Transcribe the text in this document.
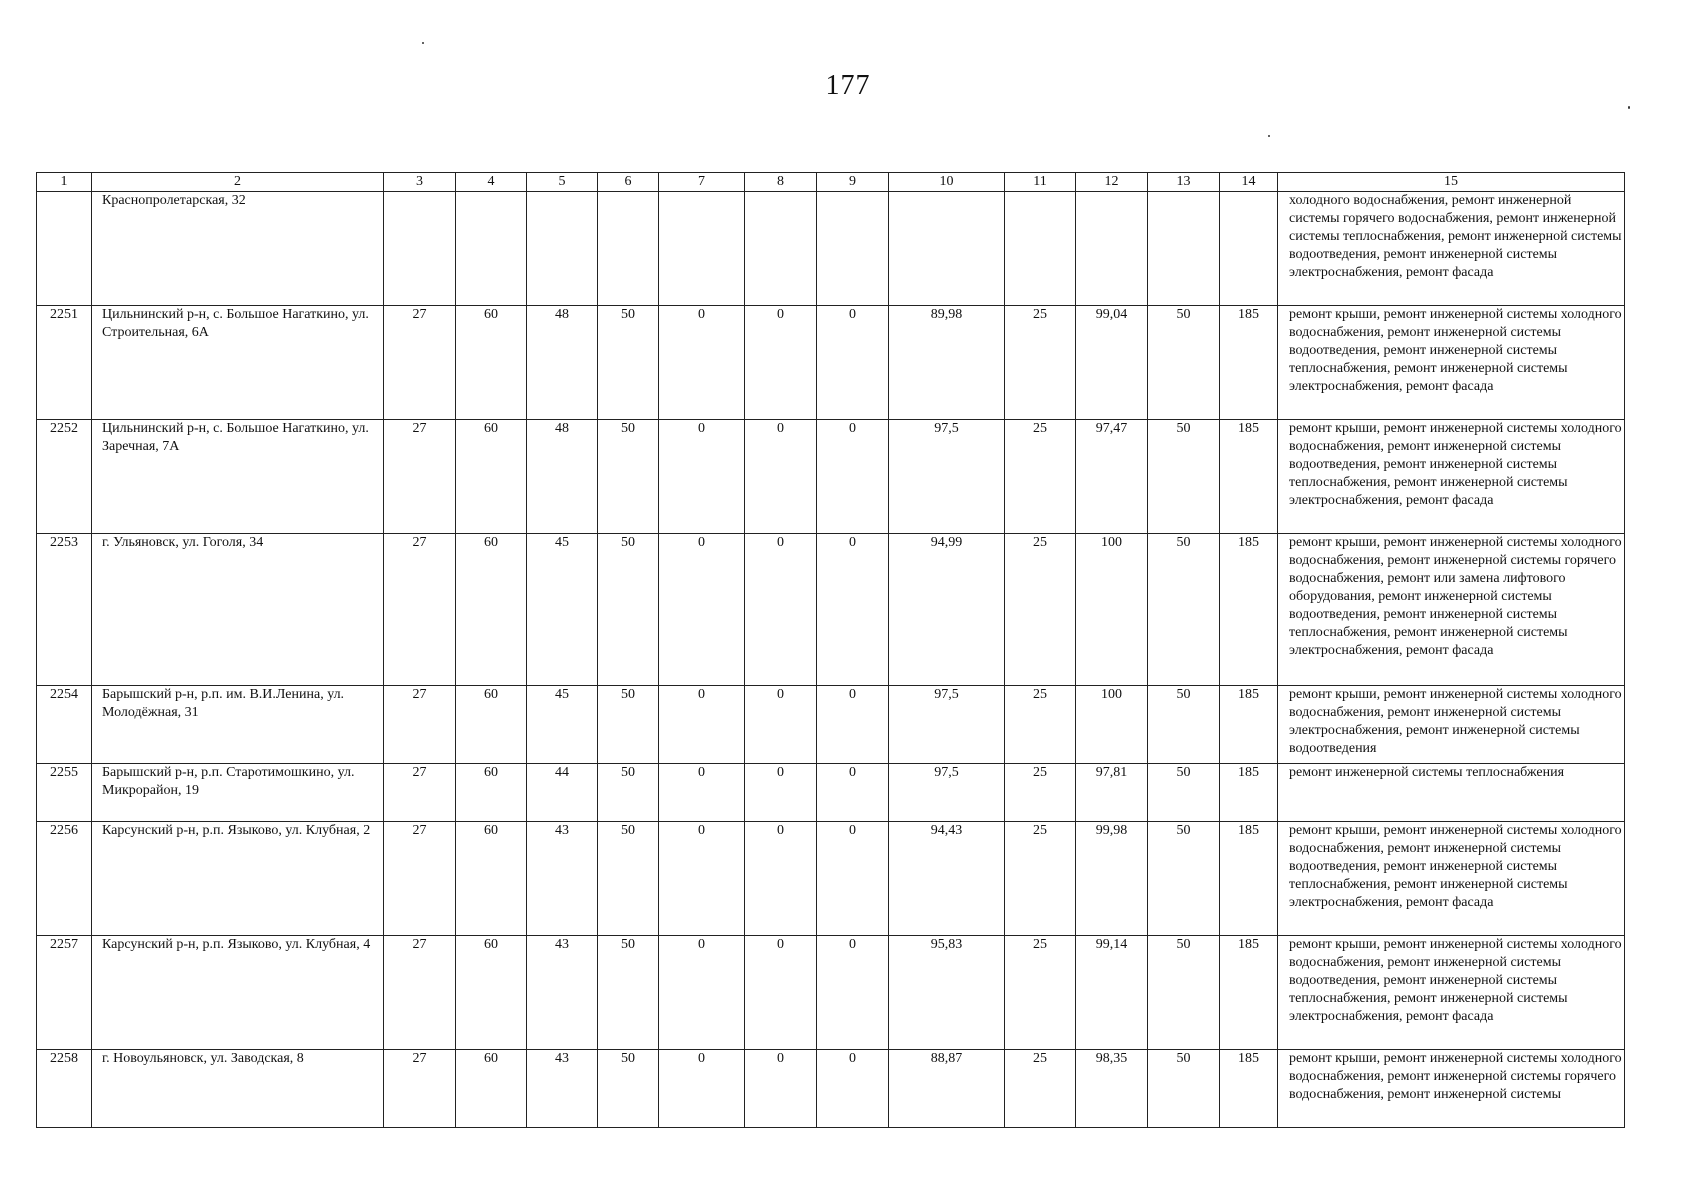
177
1	2	3	4	5	6	7	8	9	10	11	12	13	14	15
	Краснопролетарская, 32													холодного водоснабжения, ремонт инженерной системы горячего водоснабжения, ремонт инженерной системы теплоснабжения, ремонт инженерной системы водоотведения, ремонт инженерной системы электроснабжения, ремонт фасада
2251	Цильнинский р-н, с. Большое Нагаткино, ул. Строительная, 6А	27	60	48	50	0	0	0	89,98	25	99,04	50	185	ремонт крыши, ремонт инженерной системы холодного водоснабжения, ремонт инженерной системы водоотведения, ремонт инженерной системы теплоснабжения, ремонт инженерной системы электроснабжения, ремонт фасада
2252	Цильнинский р-н, с. Большое Нагаткино, ул. Заречная, 7А	27	60	48	50	0	0	0	97,5	25	97,47	50	185	ремонт крыши, ремонт инженерной системы холодного водоснабжения, ремонт инженерной системы водоотведения, ремонт инженерной системы теплоснабжения, ремонт инженерной системы электроснабжения, ремонт фасада
2253	г. Ульяновск, ул. Гоголя, 34	27	60	45	50	0	0	0	94,99	25	100	50	185	ремонт крыши, ремонт инженерной системы холодного водоснабжения, ремонт инженерной системы горячего водоснабжения, ремонт или замена лифтового оборудования, ремонт инженерной системы водоотведения, ремонт инженерной системы теплоснабжения, ремонт инженерной системы электроснабжения, ремонт фасада
2254	Барышский р-н, р.п. им. В.И.Ленина, ул. Молодёжная, 31	27	60	45	50	0	0	0	97,5	25	100	50	185	ремонт крыши, ремонт инженерной системы холодного водоснабжения, ремонт инженерной системы электроснабжения, ремонт инженерной системы водоотведения
2255	Барышский р-н, р.п. Старотимошкино, ул. Микрорайон, 19	27	60	44	50	0	0	0	97,5	25	97,81	50	185	ремонт инженерной системы теплоснабжения
2256	Карсунский р-н, р.п. Языково, ул. Клубная, 2	27	60	43	50	0	0	0	94,43	25	99,98	50	185	ремонт крыши, ремонт инженерной системы холодного водоснабжения, ремонт инженерной системы водоотведения, ремонт инженерной системы теплоснабжения, ремонт инженерной системы электроснабжения, ремонт фасада
2257	Карсунский р-н, р.п. Языково, ул. Клубная, 4	27	60	43	50	0	0	0	95,83	25	99,14	50	185	ремонт крыши, ремонт инженерной системы холодного водоснабжения, ремонт инженерной системы водоотведения, ремонт инженерной системы теплоснабжения, ремонт инженерной системы электроснабжения, ремонт фасада
2258	г. Новоульяновск, ул. Заводская, 8	27	60	43	50	0	0	0	88,87	25	98,35	50	185	ремонт крыши, ремонт инженерной системы холодного водоснабжения, ремонт инженерной системы горячего водоснабжения, ремонт инженерной системы
